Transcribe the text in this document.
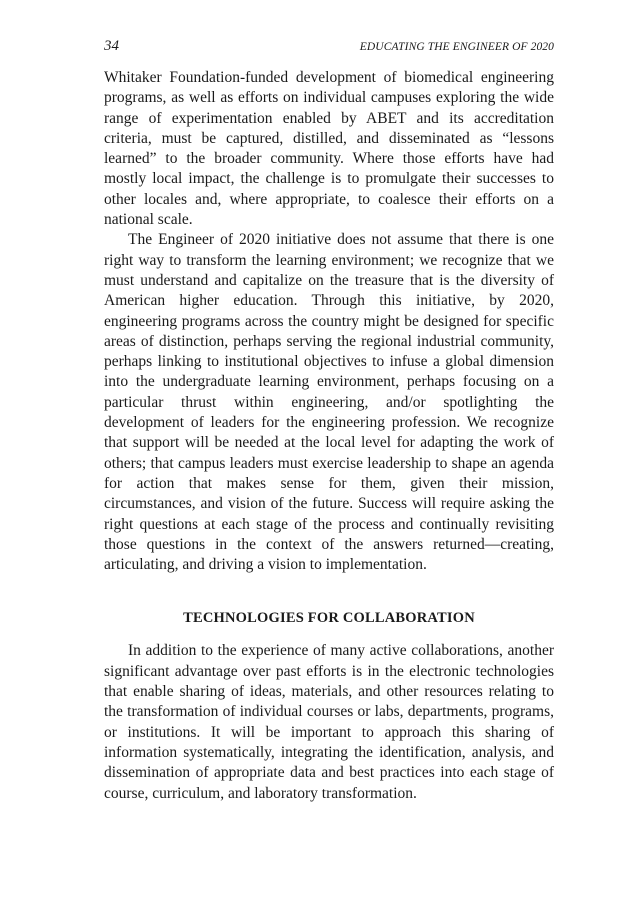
34	EDUCATING THE ENGINEER OF 2020

Whitaker Foundation-funded development of biomedical engineering programs, as well as efforts on individual campuses exploring the wide range of experimentation enabled by ABET and its accreditation criteria, must be captured, distilled, and disseminated as “lessons learned” to the broader community. Where those efforts have had mostly local impact, the challenge is to promulgate their successes to other locales and, where appropriate, to coalesce their efforts on a national scale.

The Engineer of 2020 initiative does not assume that there is one right way to transform the learning environment; we recognize that we must understand and capitalize on the treasure that is the diversity of American higher education. Through this initiative, by 2020, engineering programs across the country might be designed for specific areas of distinction, perhaps serving the regional industrial community, perhaps linking to institutional objectives to infuse a global dimension into the undergraduate learning environment, perhaps focusing on a particular thrust within engineering, and/or spotlighting the development of leaders for the engineering profession. We recognize that support will be needed at the local level for adapting the work of others; that campus leaders must exercise leadership to shape an agenda for action that makes sense for them, given their mission, circumstances, and vision of the future. Success will require asking the right questions at each stage of the process and continually revisiting those questions in the context of the answers returned—creating, articulating, and driving a vision to implementation.

TECHNOLOGIES FOR COLLABORATION

In addition to the experience of many active collaborations, another significant advantage over past efforts is in the electronic technologies that enable sharing of ideas, materials, and other resources relating to the transformation of individual courses or labs, departments, programs, or institutions. It will be important to approach this sharing of information systematically, integrating the identification, analysis, and dissemination of appropriate data and best practices into each stage of course, curriculum, and laboratory transformation.
